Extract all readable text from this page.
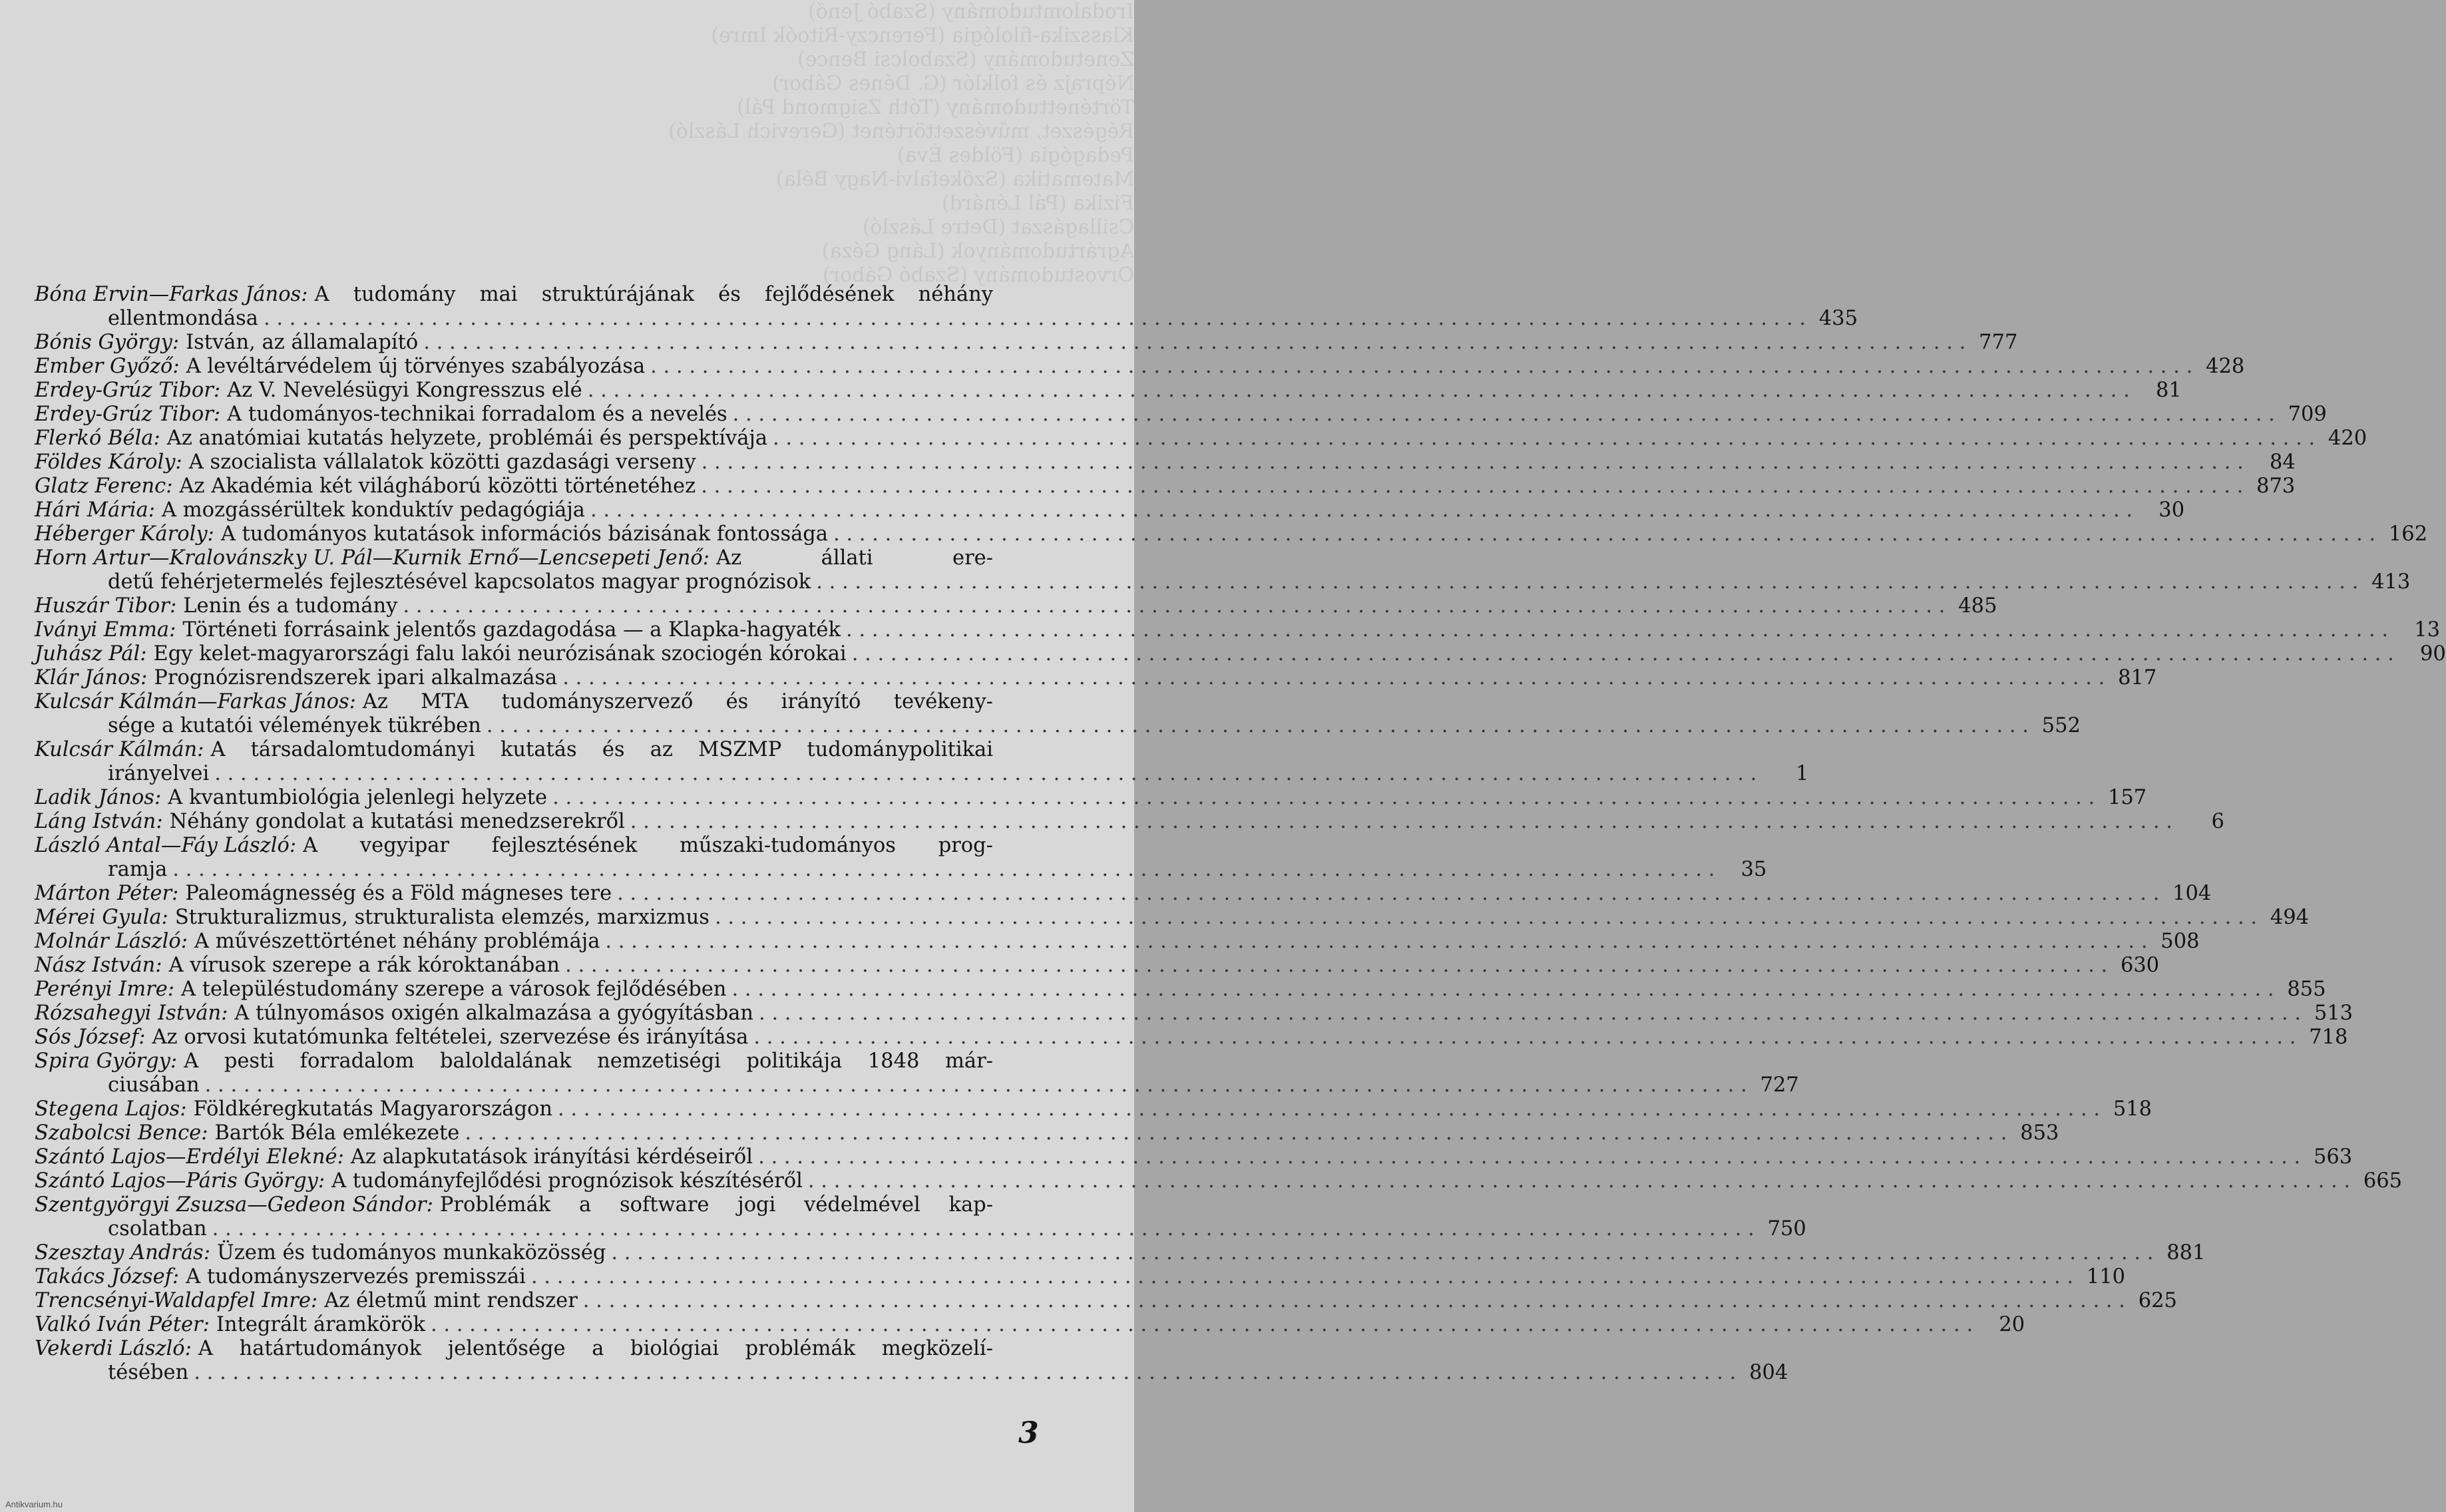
Irodalomtudomány (Szabó Jenő)
Klasszika-filológia (Ferenczy-Ritoók Imre)
Zenetudomány (Szabolcsi Bence)
Néprajz és folklór (G. Dénes Gábor)
Történettudomány (Tóth Zsigmond Pál)
Régészet, művészettörténet (Gerevich László)
Pedagógia (Földes Éva)
Matematika (Szőkefalvi-Nagy Béla)
Fizika (Pál Lénárd)
Csillagászat (Detre László)
Agrártudományok (Láng Géza)
Orvostudomány (Szabó Gábor)
Bóna Ervin—Farkas János: A tudomány mai struktúrájának és fejlődésének néhány
ellentmondása . . .	435
Bónis György: István, az államalapító . . .	777
Ember Győző: A levéltárvédelem új törvényes szabályozása . . .	428
Erdey-Grúz Tibor: Az V. Nevelésügyi Kongresszus elé . . .	81
Erdey-Grúz Tibor: A tudományos-technikai forradalom és a nevelés . . .	709
Flerkó Béla: Az anatómiai kutatás helyzete, problémái és perspektívája . . .	420
Földes Károly: A szocialista vállalatok közötti gazdasági verseny . . .	84
Glatz Ferenc: Az Akadémia két világháború közötti történetéhez . . .	873
Hári Mária: A mozgássérültek konduktív pedagógiája . . .	30
Héberger Károly: A tudományos kutatások információs bázisának fontossága . . .	162
Horn Artur—Kralovánszky U. Pál—Kurnik Ernő—Lencsepeti Jenő: Az állati ere-
detű fehérjetermelés fejlesztésével kapcsolatos magyar prognózisok . . .	413
Huszár Tibor: Lenin és a tudomány . . .	485
Iványi Emma: Történeti forrásaink jelentős gazdagodása — a Klapka-hagyaték . . .	13
Juhász Pál: Egy kelet-magyarországi falu lakói neurózisának szociogén kórokai . . .	90
Klár János: Prognózisrendszerek ipari alkalmazása . . .	817
Kulcsár Kálmán—Farkas János: Az MTA tudományszervező és irányító tevékeny-
sége a kutatói vélemények tükrében . . .	552
Kulcsár Kálmán: A társadalomtudományi kutatás és az MSZMP tudománypolitikai
irányelvei . . .	1
Ladik János: A kvantumbiológia jelenlegi helyzete . . .	157
Láng István: Néhány gondolat a kutatási menedzserekről . . .	6
László Antal—Fáy László: A vegyipar fejlesztésének műszaki-tudományos prog-
ramja . . .	35
Márton Péter: Paleomágnesség és a Föld mágneses tere . . .	104
Mérei Gyula: Strukturalizmus, strukturalista elemzés, marxizmus . . .	494
Molnár László: A művészettörténet néhány problémája . . .	508
Nász István: A vírusok szerepe a rák kóroktanában . . .	630
Perényi Imre: A településtudomány szerepe a városok fejlődésében . . .	855
Rózsahegyi István: A túlnyomásos oxigén alkalmazása a gyógyításban . . .	513
Sós József: Az orvosi kutatómunka feltételei, szervezése és irányítása . . .	718
Spira György: A pesti forradalom baloldalának nemzetiségi politikája 1848 már-
ciusában . . .	727
Stegena Lajos: Földkéregkutatás Magyarországon . . .	518
Szabolcsi Bence: Bartók Béla emlékezete . . .	853
Szántó Lajos—Erdélyi Elekné: Az alapkutatások irányítási kérdéseiről . . .	563
Szántó Lajos—Páris György: A tudományfejlődési prognózisok készítéséről . . .	665
Szentgyörgyi Zsuzsa—Gedeon Sándor: Problémák a software jogi védelmével kap-
csolatban . . .	750
Szesztay András: Üzem és tudományos munkaközösség . . .	881
Takács József: A tudományszervezés premisszái . . .	110
Trencsényi-Waldapfel Imre: Az életmű mint rendszer . . .	625
Valkó Iván Péter: Integrált áramkörök . . .	20
Vekerdi László: A határtudományok jelentősége a biológiai problémák megközelí-
tésében . . .	804
3
Antikvarium.hu
